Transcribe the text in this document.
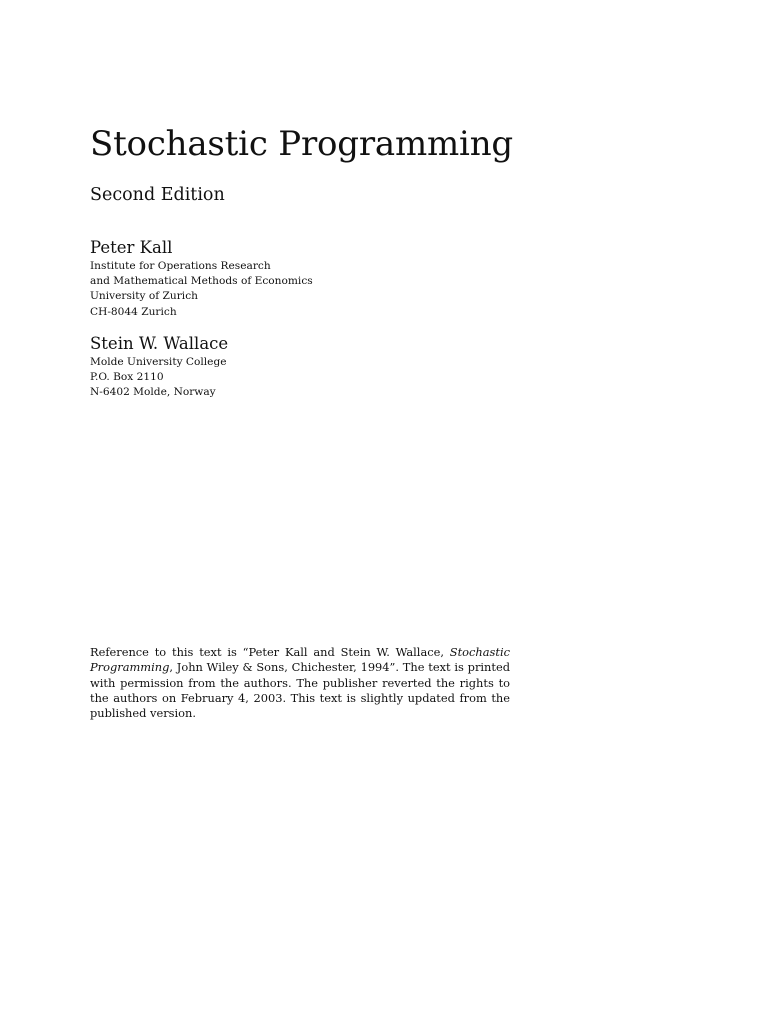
Stochastic Programming
Second Edition
Peter Kall
Institute for Operations Research
and Mathematical Methods of Economics
University of Zurich
CH-8044 Zurich
Stein W. Wallace
Molde University College
P.O. Box 2110
N-6402 Molde, Norway

Reference to this text is “Peter Kall and Stein W. Wallace, Stochastic Programming, John Wiley & Sons, Chichester, 1994”. The text is printed with permission from the authors. The publisher reverted the rights to the authors on February 4, 2003. This text is slightly updated from the published version.
